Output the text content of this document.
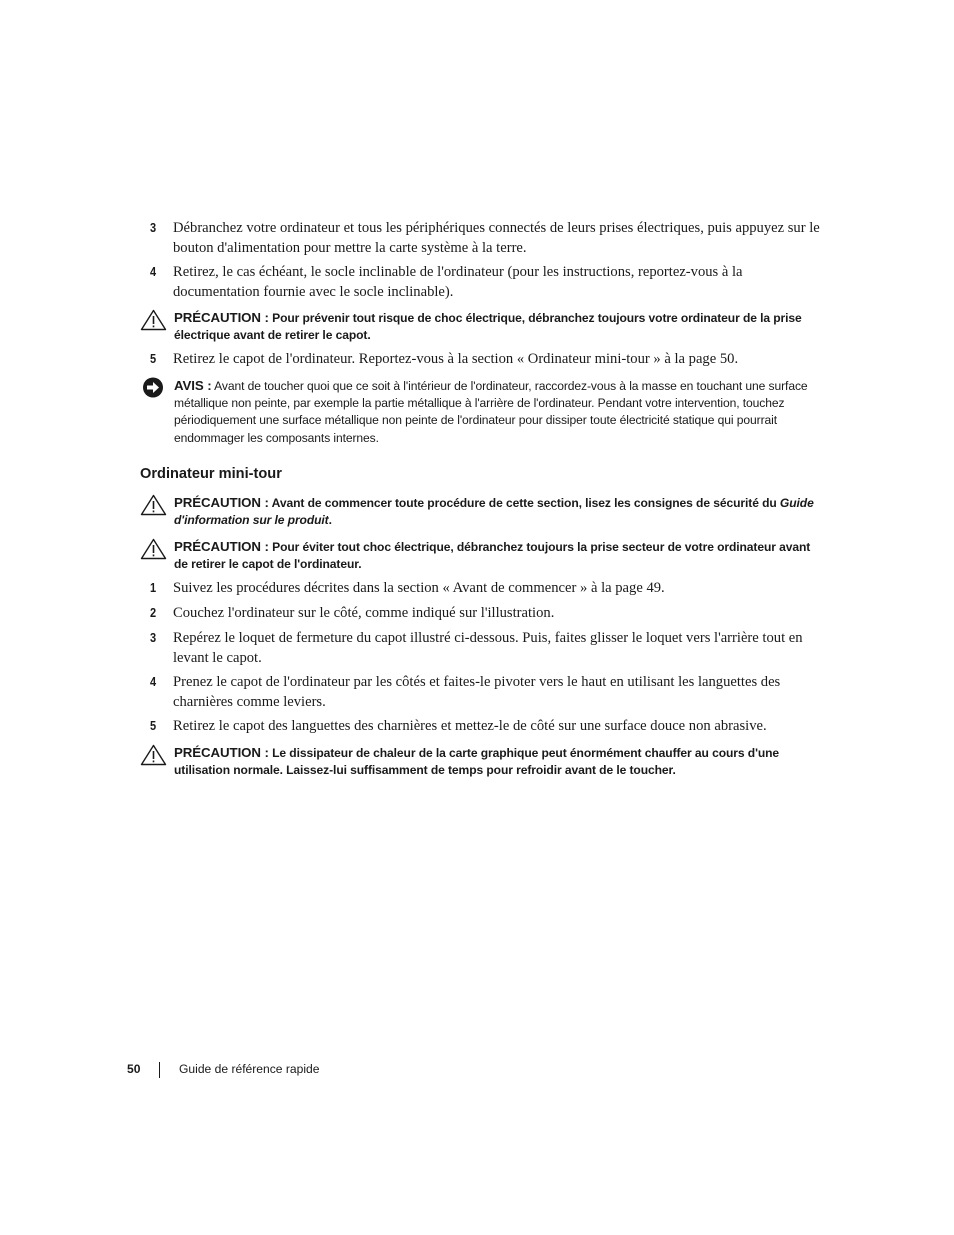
3 Débranchez votre ordinateur et tous les périphériques connectés de leurs prises électriques, puis appuyez sur le bouton d'alimentation pour mettre la carte système à la terre.
4 Retirez, le cas échéant, le socle inclinable de l'ordinateur (pour les instructions, reportez-vous à la documentation fournie avec le socle inclinable).
PRÉCAUTION : Pour prévenir tout risque de choc électrique, débranchez toujours votre ordinateur de la prise électrique avant de retirer le capot.
5 Retirez le capot de l'ordinateur. Reportez-vous à la section « Ordinateur mini-tour » à la page 50.
AVIS : Avant de toucher quoi que ce soit à l'intérieur de l'ordinateur, raccordez-vous à la masse en touchant une surface métallique non peinte, par exemple la partie métallique à l'arrière de l'ordinateur. Pendant votre intervention, touchez périodiquement une surface métallique non peinte de l'ordinateur pour dissiper toute électricité statique qui pourrait endommager les composants internes.
Ordinateur mini-tour
PRÉCAUTION : Avant de commencer toute procédure de cette section, lisez les consignes de sécurité du Guide d'information sur le produit.
PRÉCAUTION : Pour éviter tout choc électrique, débranchez toujours la prise secteur de votre ordinateur avant de retirer le capot de l'ordinateur.
1 Suivez les procédures décrites dans la section « Avant de commencer » à la page 49.
2 Couchez l'ordinateur sur le côté, comme indiqué sur l'illustration.
3 Repérez le loquet de fermeture du capot illustré ci-dessous. Puis, faites glisser le loquet vers l'arrière tout en levant le capot.
4 Prenez le capot de l'ordinateur par les côtés et faites-le pivoter vers le haut en utilisant les languettes des charnières comme leviers.
5 Retirez le capot des languettes des charnières et mettez-le de côté sur une surface douce non abrasive.
PRÉCAUTION : Le dissipateur de chaleur de la carte graphique peut énormément chauffer au cours d'une utilisation normale. Laissez-lui suffisamment de temps pour refroidir avant de le toucher.
50	Guide de référence rapide
